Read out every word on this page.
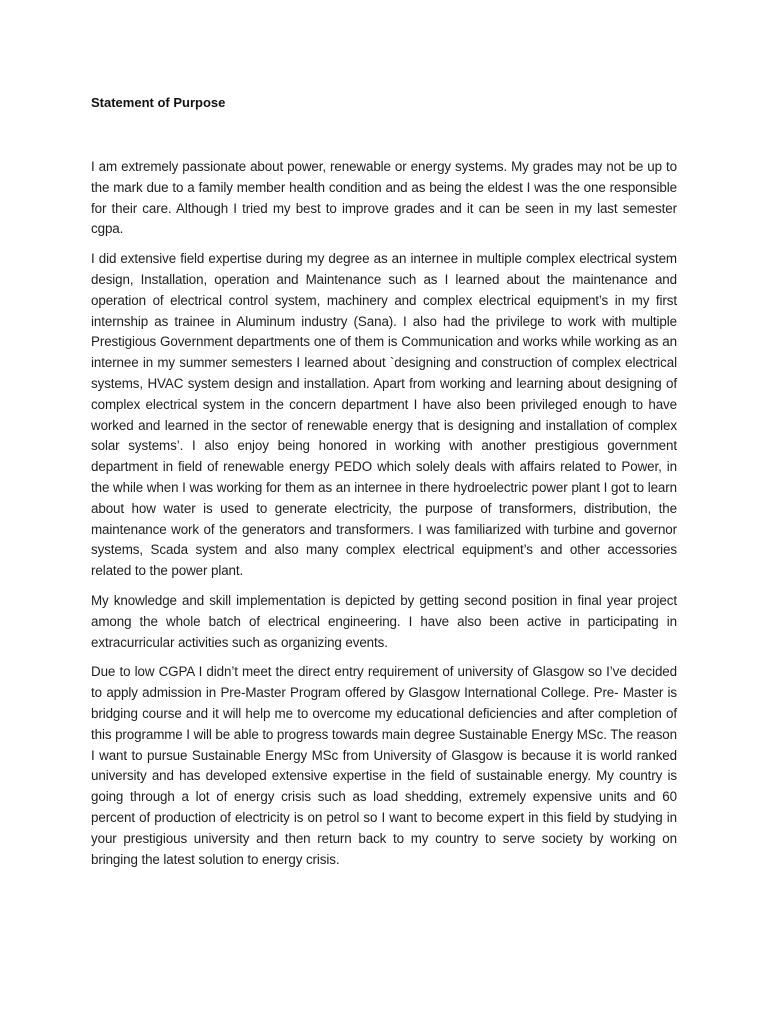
Statement of Purpose

I am extremely passionate about power, renewable or energy systems. My grades may not be up to the mark due to a family member health condition and as being the eldest I was the one responsible for their care. Although I tried my best to improve grades and it can be seen in my last semester cgpa.

I did extensive field expertise during my degree as an internee in multiple complex electrical system design, Installation, operation and Maintenance such as I learned about the maintenance and operation of electrical control system, machinery and complex electrical equipment’s in my first internship as trainee in Aluminum industry (Sana). I also had the privilege to work with multiple Prestigious Government departments one of them is Communication and works while working as an internee in my summer semesters I learned about `designing and construction of complex electrical systems, HVAC system design and installation. Apart from working and learning about designing of complex electrical system in the concern department I have also been privileged enough to have worked and learned in the sector of renewable energy that is designing and installation of complex solar systems’. I also enjoy being honored in working with another prestigious government department in field of renewable energy PEDO which solely deals with affairs related to Power, in the while when I was working for them as an internee in there hydroelectric power plant I got to learn about how water is used to generate electricity, the purpose of transformers, distribution, the maintenance work of the generators and transformers. I was familiarized with turbine and governor systems, Scada system and also many complex electrical equipment’s and other accessories related to the power plant.

My knowledge and skill implementation is depicted by getting second position in final year project among the whole batch of electrical engineering. I have also been active in participating in extracurricular activities such as organizing events.

Due to low CGPA I didn’t meet the direct entry requirement of university of Glasgow so I’ve decided to apply admission in Pre-Master Program offered by Glasgow International College. Pre- Master is bridging course and it will help me to overcome my educational deficiencies and after completion of this programme I will be able to progress towards main degree Sustainable Energy MSc. The reason I want to pursue Sustainable Energy MSc from University of Glasgow is because it is world ranked university and has developed extensive expertise in the field of sustainable energy. My country is going through a lot of energy crisis such as load shedding, extremely expensive units and 60 percent of production of electricity is on petrol so I want to become expert in this field by studying in your prestigious university and then return back to my country to serve society by working on bringing the latest solution to energy crisis.
